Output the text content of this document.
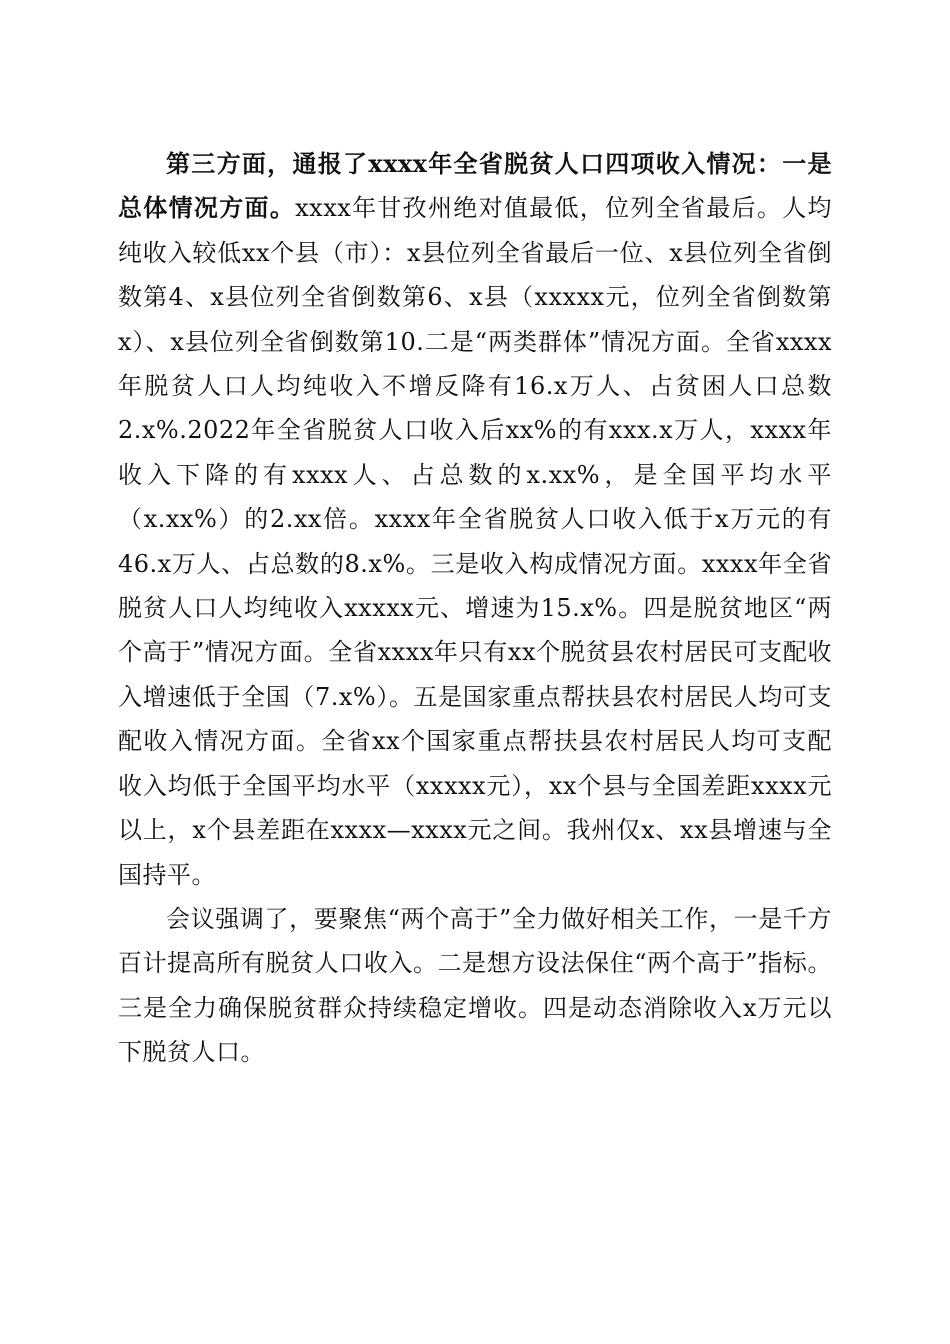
第三方面，通报了xxxx年全省脱贫人口四项收入情况：一是总体情况方面。xxxx年甘孜州绝对值最低，位列全省最后。人均纯收入较低xx个县（市）：x县位列全省最后一位、x县位列全省倒数第4、x县位列全省倒数第6、x县（xxxxx元，位列全省倒数第x）、x县位列全省倒数第10.二是“两类群体”情况方面。全省xxxx年脱贫人口人均纯收入不增反降有16.x万人、占贫困人口总数2.x%.2022年全省脱贫人口收入后xx%的有xxx.x万人，xxxx年收入下降的有xxxx人、占总数的x.xx%，是全国平均水平（x.xx%）的2.xx倍。xxxx年全省脱贫人口收入低于x万元的有46.x万人、占总数的8.x%。三是收入构成情况方面。xxxx年全省脱贫人口人均纯收入xxxxx元、增速为15.x%。四是脱贫地区“两个高于”情况方面。全省xxxx年只有xx个脱贫县农村居民可支配收入增速低于全国（7.x%）。五是国家重点帮扶县农村居民人均可支配收入情况方面。全省xx个国家重点帮扶县农村居民人均可支配收入均低于全国平均水平（xxxxx元），xx个县与全国差距xxxx元以上，x个县差距在xxxx—xxxx元之间。我州仅x、xx县增速与全国持平。

会议强调了，要聚焦“两个高于”全力做好相关工作，一是千方百计提高所有脱贫人口收入。二是想方设法保住“两个高于”指标。三是全力确保脱贫群众持续稳定增收。四是动态消除收入x万元以下脱贫人口。
